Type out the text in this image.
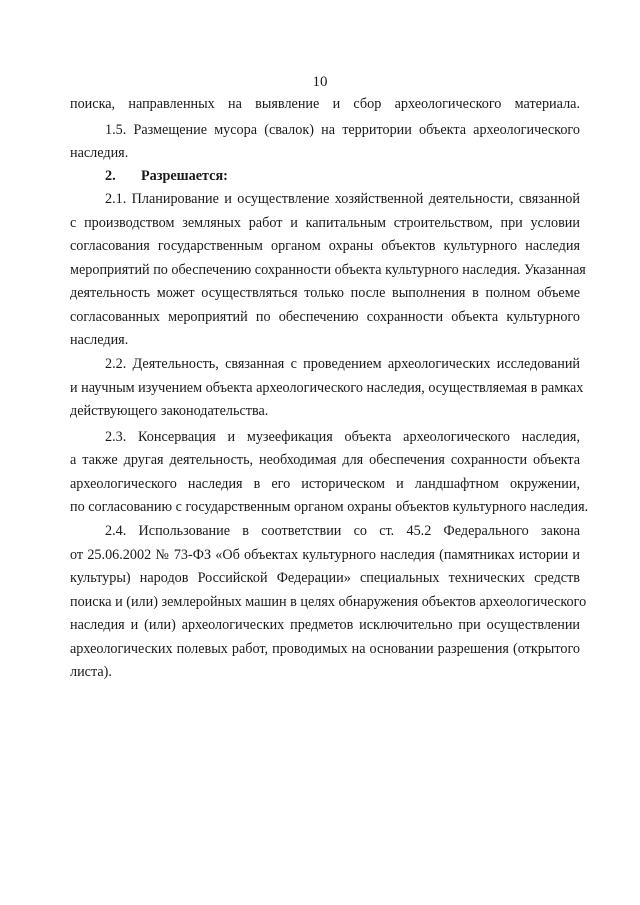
10
поиска, направленных на выявление и сбор археологического материала.
1.5. Размещение мусора (свалок) на территории объекта археологического
наследия.
2. Разрешается:
2.1. Планирование и осуществление хозяйственной деятельности, связанной
с производством земляных работ и капитальным строительством, при условии
согласования государственным органом охраны объектов культурного наследия
мероприятий по обеспечению сохранности объекта культурного наследия. Указанная
деятельность может осуществляться только после выполнения в полном объеме
согласованных мероприятий по обеспечению сохранности объекта культурного
наследия.
2.2. Деятельность, связанная с проведением археологических исследований
и научным изучением объекта археологического наследия, осуществляемая в рамках
действующего законодательства.
2.3. Консервация и музеефикация объекта археологического наследия,
а также другая деятельность, необходимая для обеспечения сохранности объекта
археологического наследия в его историческом и ландшафтном окружении,
по согласованию с государственным органом охраны объектов культурного наследия.
2.4. Использование в соответствии со ст. 45.2 Федерального закона
от 25.06.2002 № 73-ФЗ «Об объектах культурного наследия (памятниках истории и
культуры) народов Российской Федерации» специальных технических средств
поиска и (или) землеройных машин в целях обнаружения объектов археологического
наследия и (или) археологических предметов исключительно при осуществлении
археологических полевых работ, проводимых на основании разрешения (открытого
листа).
